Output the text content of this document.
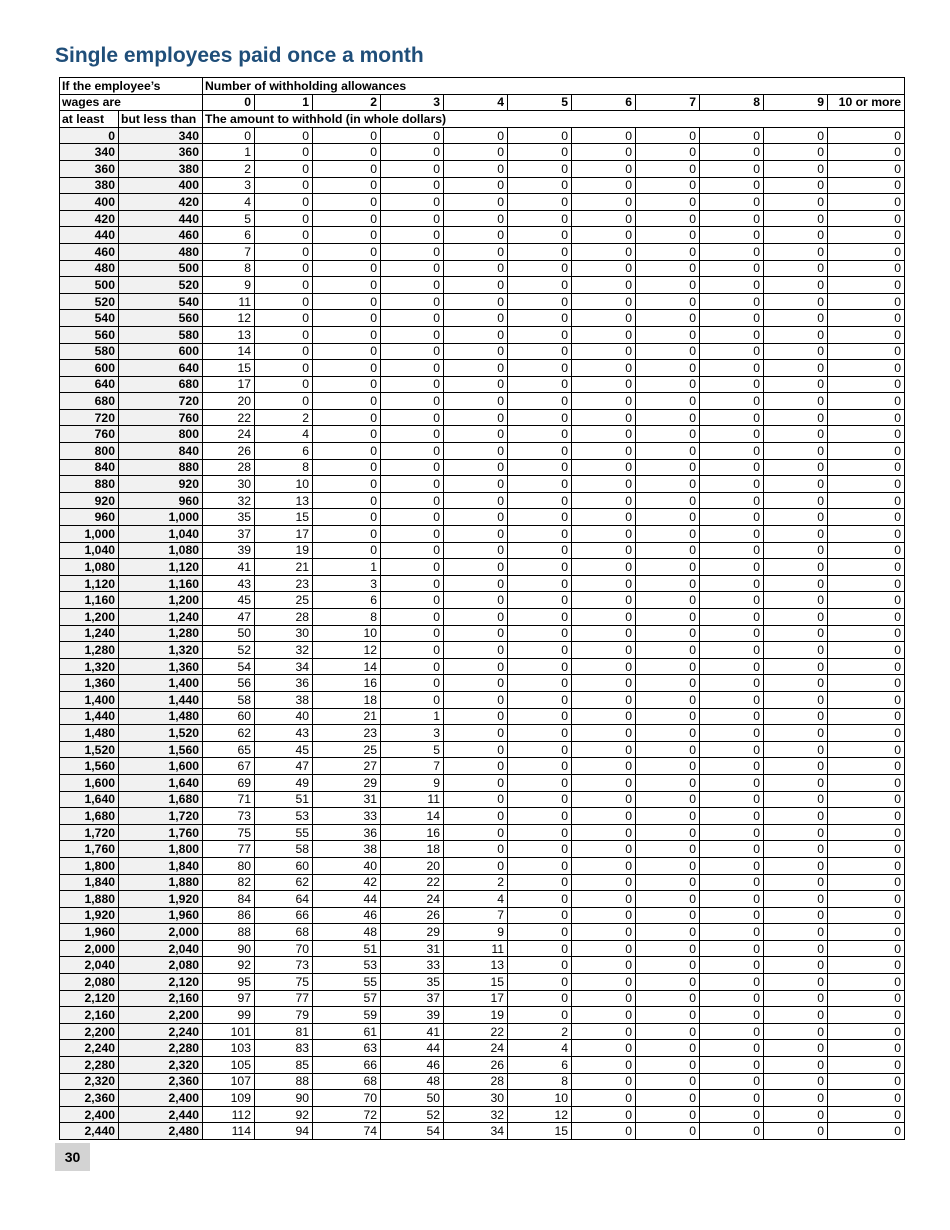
Single employees paid once a month
If the employee’s		Number of withholding allowances										
wages are		0	1	2	3	4	5	6	7	8	9	10 or more
at least	but less than	The amount to withhold (in whole dollars)										
0	340	0	0	0	0	0	0	0	0	0	0	0
340	360	1	0	0	0	0	0	0	0	0	0	0
360	380	2	0	0	0	0	0	0	0	0	0	0
380	400	3	0	0	0	0	0	0	0	0	0	0
400	420	4	0	0	0	0	0	0	0	0	0	0
420	440	5	0	0	0	0	0	0	0	0	0	0
440	460	6	0	0	0	0	0	0	0	0	0	0
460	480	7	0	0	0	0	0	0	0	0	0	0
480	500	8	0	0	0	0	0	0	0	0	0	0
500	520	9	0	0	0	0	0	0	0	0	0	0
520	540	11	0	0	0	0	0	0	0	0	0	0
540	560	12	0	0	0	0	0	0	0	0	0	0
560	580	13	0	0	0	0	0	0	0	0	0	0
580	600	14	0	0	0	0	0	0	0	0	0	0
600	640	15	0	0	0	0	0	0	0	0	0	0
640	680	17	0	0	0	0	0	0	0	0	0	0
680	720	20	0	0	0	0	0	0	0	0	0	0
720	760	22	2	0	0	0	0	0	0	0	0	0
760	800	24	4	0	0	0	0	0	0	0	0	0
800	840	26	6	0	0	0	0	0	0	0	0	0
840	880	28	8	0	0	0	0	0	0	0	0	0
880	920	30	10	0	0	0	0	0	0	0	0	0
920	960	32	13	0	0	0	0	0	0	0	0	0
960	1,000	35	15	0	0	0	0	0	0	0	0	0
1,000	1,040	37	17	0	0	0	0	0	0	0	0	0
1,040	1,080	39	19	0	0	0	0	0	0	0	0	0
1,080	1,120	41	21	1	0	0	0	0	0	0	0	0
1,120	1,160	43	23	3	0	0	0	0	0	0	0	0
1,160	1,200	45	25	6	0	0	0	0	0	0	0	0
1,200	1,240	47	28	8	0	0	0	0	0	0	0	0
1,240	1,280	50	30	10	0	0	0	0	0	0	0	0
1,280	1,320	52	32	12	0	0	0	0	0	0	0	0
1,320	1,360	54	34	14	0	0	0	0	0	0	0	0
1,360	1,400	56	36	16	0	0	0	0	0	0	0	0
1,400	1,440	58	38	18	0	0	0	0	0	0	0	0
1,440	1,480	60	40	21	1	0	0	0	0	0	0	0
1,480	1,520	62	43	23	3	0	0	0	0	0	0	0
1,520	1,560	65	45	25	5	0	0	0	0	0	0	0
1,560	1,600	67	47	27	7	0	0	0	0	0	0	0
1,600	1,640	69	49	29	9	0	0	0	0	0	0	0
1,640	1,680	71	51	31	11	0	0	0	0	0	0	0
1,680	1,720	73	53	33	14	0	0	0	0	0	0	0
1,720	1,760	75	55	36	16	0	0	0	0	0	0	0
1,760	1,800	77	58	38	18	0	0	0	0	0	0	0
1,800	1,840	80	60	40	20	0	0	0	0	0	0	0
1,840	1,880	82	62	42	22	2	0	0	0	0	0	0
1,880	1,920	84	64	44	24	4	0	0	0	0	0	0
1,920	1,960	86	66	46	26	7	0	0	0	0	0	0
1,960	2,000	88	68	48	29	9	0	0	0	0	0	0
2,000	2,040	90	70	51	31	11	0	0	0	0	0	0
2,040	2,080	92	73	53	33	13	0	0	0	0	0	0
2,080	2,120	95	75	55	35	15	0	0	0	0	0	0
2,120	2,160	97	77	57	37	17	0	0	0	0	0	0
2,160	2,200	99	79	59	39	19	0	0	0	0	0	0
2,200	2,240	101	81	61	41	22	2	0	0	0	0	0
2,240	2,280	103	83	63	44	24	4	0	0	0	0	0
2,280	2,320	105	85	66	46	26	6	0	0	0	0	0
2,320	2,360	107	88	68	48	28	8	0	0	0	0	0
2,360	2,400	109	90	70	50	30	10	0	0	0	0	0
2,400	2,440	112	92	72	52	32	12	0	0	0	0	0
2,440	2,480	114	94	74	54	34	15	0	0	0	0	0
30
